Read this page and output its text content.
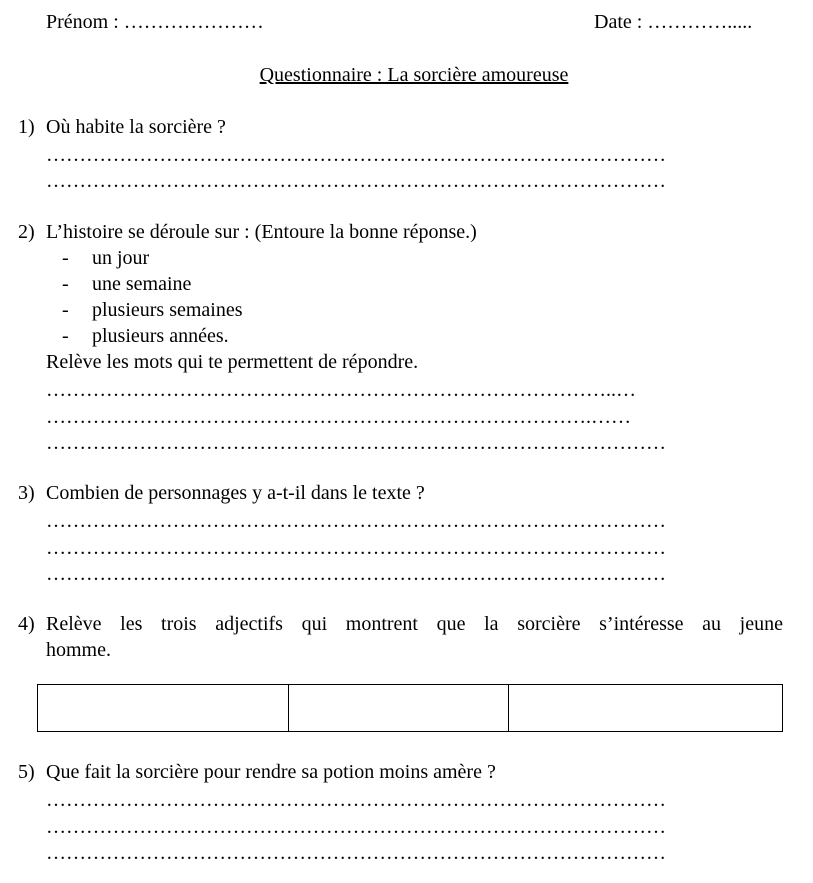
Prénom : …………………	Date : ………….....
Questionnaire : La sorcière amoureuse
1) Où habite la sorcière ?
…………………………………………………………………………………
…………………………………………………………………………………
2) L’histoire se déroule sur : (Entoure la bonne réponse.)
- un jour
- une semaine
- plusieurs semaines
- plusieurs années.
Relève les mots qui te permettent de répondre.
…………………………………………………………………………..…
……………………………………………………………………….……
…………………………………………………………………………………
3) Combien de personnages y a-t-il dans le texte ?
…………………………………………………………………………………
…………………………………………………………………………………
…………………………………………………………………………………
4) Relève les trois adjectifs qui montrent que la sorcière s’intéresse au jeune
homme.

5) Que fait la sorcière pour rendre sa potion moins amère ?
…………………………………………………………………………………
…………………………………………………………………………………
…………………………………………………………………………………
